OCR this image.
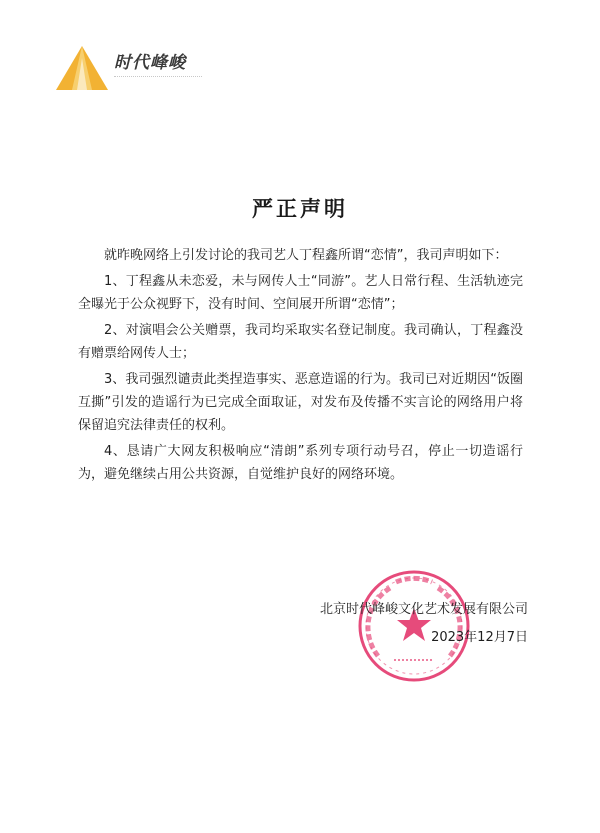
时代峰峻
严正声明

就昨晚网络上引发讨论的我司艺人丁程鑫所谓“恋情”，我司声明如下：

1、丁程鑫从未恋爱，未与网传人士“同游”。艺人日常行程、生活轨迹完全曝光于公众视野下，没有时间、空间展开所谓“恋情”；

2、对演唱会公关赠票，我司均采取实名登记制度。我司确认，丁程鑫没有赠票给网传人士；

3、我司强烈谴责此类捏造事实、恶意造谣的行为。我司已对近期因“饭圈互撕”引发的造谣行为已完成全面取证，对发布及传播不实言论的网络用户将保留追究法律责任的权利。

4、恳请广大网友积极响应“清朗”系列专项行动号召，停止一切造谣行为，避免继续占用公共资源，自觉维护良好的网络环境。

北京时代峰峻文化艺术发展有限公司
2023年12月7日
